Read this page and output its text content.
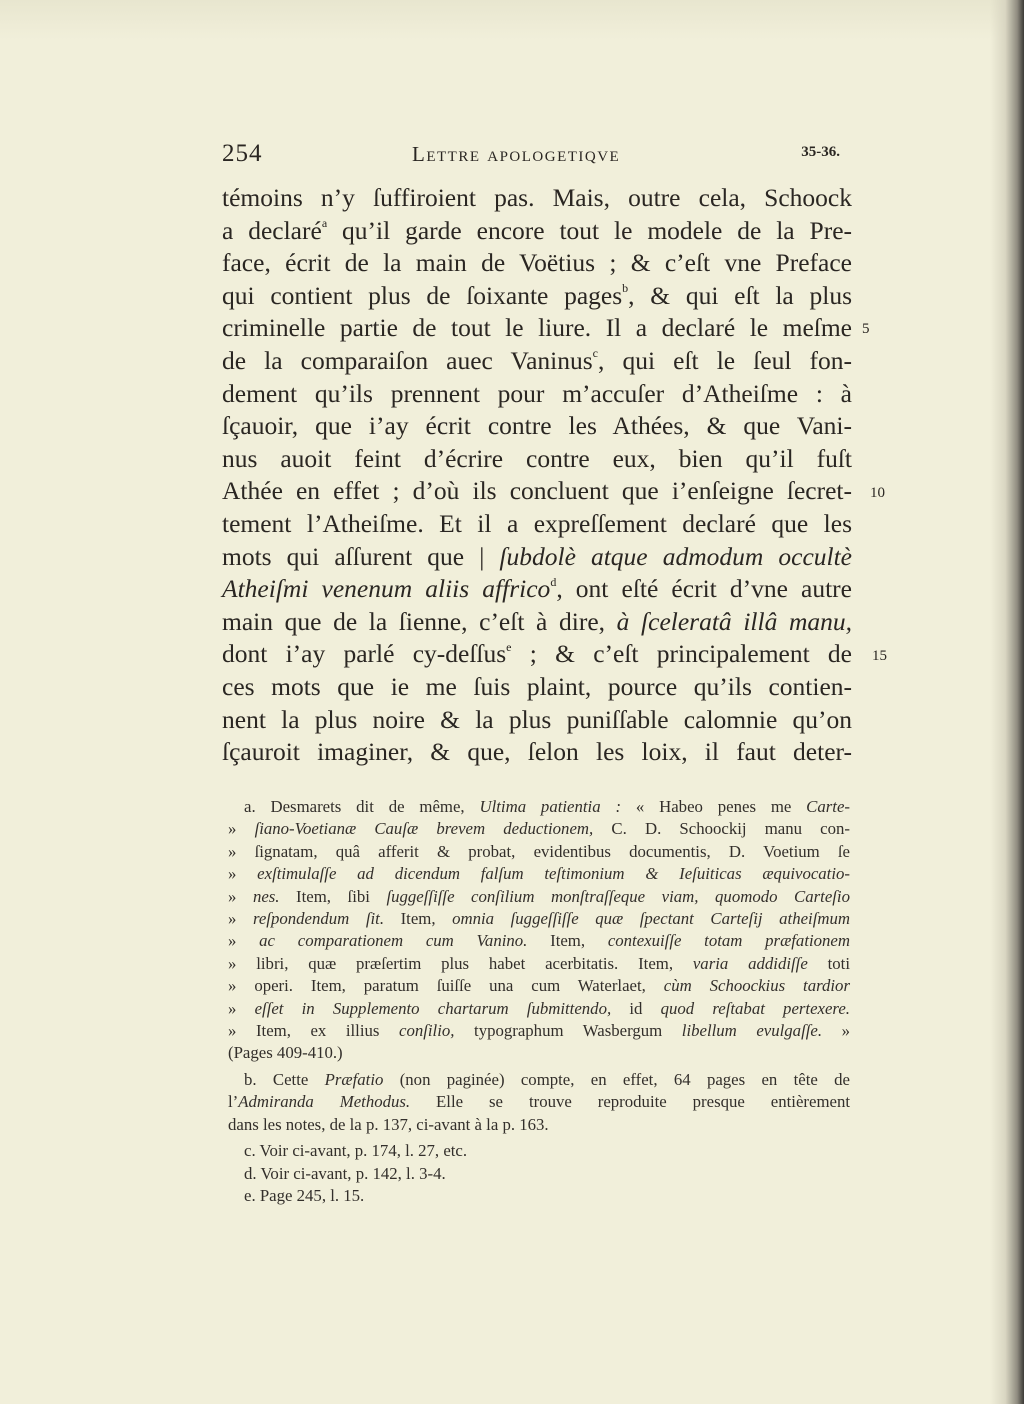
254	Lettre apologetiqve	35-36.
témoins n’y ſuffiroient pas. Mais, outre cela, Schoock
a declaré$^a$ qu’il garde encore tout le modele de la Pre-
face, écrit de la main de Voëtius ; & c’eſt vne Preface
qui contient plus de ſoixante pages$^b$, & qui eſt la plus
criminelle partie de tout le liure. Il a declaré le meſme
de la comparaiſon auec Vaninus$^c$, qui eſt le ſeul fon-
dement qu’ils prennent pour m’accuſer d’Atheiſme : à
ſçauoir, que i’ay écrit contre les Athées, & que Vani-
nus auoit feint d’écrire contre eux, bien qu’il fuſt
Athée en effet ; d’où ils concluent que i’enſeigne ſecret-
tement l’Atheiſme. Et il a expreſſement declaré que les
mots qui aſſurent que | ſubdolè atque admodum occultè
Atheiſmi venenum aliis affrico$^d$, ont eſté écrit d’vne autre
main que de la ſienne, c’eſt à dire, à ſceleratâ illâ manu,
dont i’ay parlé cy-deſſus$^e$ ; & c’eſt principalement de
ces mots que ie me ſuis plaint, pource qu’ils contien-
nent la plus noire & la plus puniſſable calomnie qu’on
ſçauroit imaginer, & que, ſelon les loix, il faut deter-
5
10
15
a. Desmarets dit de même, Ultima patientia : « Habeo penes me Carte-
» ſiano-Voetianæ Cauſæ brevem deductionem, C. D. Schoockij manu con-
» ſignatam, quâ afferit & probat, evidentibus documentis, D. Voetium ſe
» exſtimulaſſe ad dicendum falſum teſtimonium & Ieſuiticas æquivocatio-
» nes. Item, ſibi ſuggeſſiſſe conſilium monſtraſſeque viam, quomodo Carteſio
» reſpondendum ſit. Item, omnia ſuggeſſiſſe quæ ſpectant Carteſij atheiſmum
» ac comparationem cum Vanino. Item, contexuiſſe totam præfationem
» libri, quæ præſertim plus habet acerbitatis. Item, varia addidiſſe toti
» operi. Item, paratum ſuiſſe una cum Waterlaet, cùm Schoockius tardior
» eſſet in Supplemento chartarum ſubmittendo, id quod reſtabat pertexere.
» Item, ex illius conſilio, typographum Wasbergum libellum evulgaſſe. »
(Pages 409-410.)
b. Cette Præfatio (non paginée) compte, en effet, 64 pages en tête de
l’Admiranda Methodus. Elle se trouve reproduite presque entièrement
dans les notes, de la p. 137, ci-avant à la p. 163.
c. Voir ci-avant, p. 174, l. 27, etc.
d. Voir ci-avant, p. 142, l. 3-4.
e. Page 245, l. 15.
